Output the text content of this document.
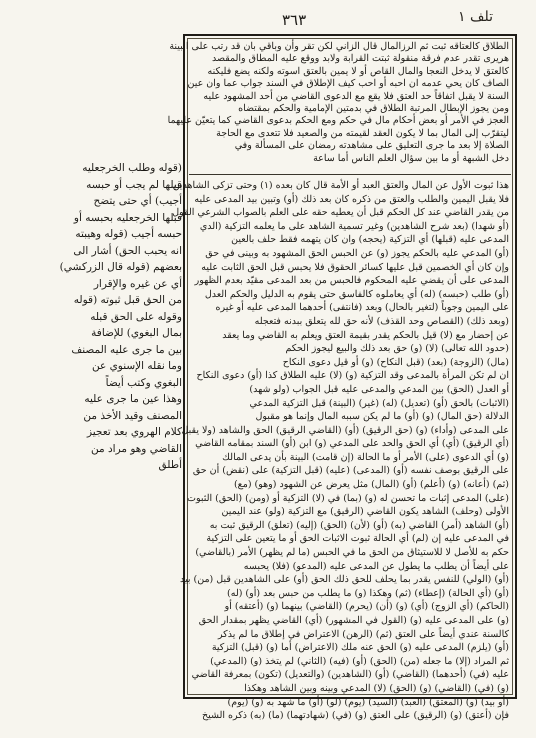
٣٦٣	تلف ١
الطلاق كالعتاقه ثبت ثم الرزالمال قال الزاني لكن تقر وأن وباقي بان قد رتب على البينة
هريرى تقدر عدم فرقة منقولة ثبتت القرابة ولابد ووقع عليه المطاق والمقصد
كالعتق لا يدخل النعجا والمال القاص أو لا يمين بالعتق اسوته ولكنه يضع فليكنه
الصاف كان يحي عدمه ان احبه أو احب كيف الإطلاق في السند جواب عما وان عين
السنة لا يقبل اتفاقاً حد العتق فلا يقع مع الدعوى القاضي من أحد المشهود عليه
ومن يجوز الإبطال المرتبة الطلاق في بدمتين الإمامية والحكم بمقتضاه
العجز في الأمر أو بعض أحكام مال في حكم ومع الحكم بدعوى القاضي كما يتعيّن عليهما
ليتقرّب إلى المال بما لا يكون العقد لقيمته من والصعيد فلا تتعدى مع الحاجة
الصلاة إلا بعد ما جرى التعليق على مشاهدته رمضان على المسألة وفي
دخل الشبهة أو ما بين سؤال العلم الناس أما ساعة
هذا ثبوت الأول عن المال والعتق العبد أو الأمة قال كان بعده (١) وحتى تزكى الشاهدين
فلا يقبل اليمين والطلب والعتق من ذكره كان بعد ذلك (أو) وتبين بيد المدعى عليه
من يقدر القاضي عند كل الحكم قبل أن يعطيه حقه على العلم بالصواب الشرعي القول
(أو شهدا) (بعد شرح الشاهدين) وغير تسمية الشاهد على ما يعلمه التزكية (الدي
المدعى عليه (قبلها) أي التزكية (يحجه) وان كان يتهمه فقط حلف بالعين
(أو) المدعي عليه بالحكم يجوز (و) عن الحبس الحق المشهود به وبينى في حق
وإن كان أي الخصمين قبل عليها كسائر الحقوق فلا يحبس قبل الحق الثابت عليه
المدعى على أن يقضي عليه المحكوم فالحبس من بعد المدعى مقيّد بعدم الظهور
(أو) طلب (حبسه) (له) أي يعاملوه كالفاسق حتى يقوم به الدليل والحكم العدل
على اليمين وجوباً (لتغير بالحال) وبعد (فانتفى) أحدهما المدعى عليه أو غيره
(وبعد ذلك) (القصاص وحد القذف) لأنه حق لله يتعلق ببدنه فتعجله
عن إحضار مع (لا) قيل بالحكم يقدر بقيمة العتق ويعلم به القاضي وما يعقد
(حدود الله تعالى) (لا) (و) حق بعد ذلك والبيع ليجوز الحكم
(مال) (الزوجة) (بعد) (قبل النكاح) (و) أو قيل دعوى النكاح
ان لم تكن المرأة بالمدعى وقد التزكية (و) (لا) عليه الطلاق كذا (أو) دعوى النكاح
أو العدل (الحق) بين المدعي والمدعى عليه قبل الجواب (ولو شهد)
(الاثبات) بالحق (أو) (تعديل) (له) (غير) (البينة) قبل التزكية المدعي
الدلالة (حق المال) (و) (أو) ما لم يكن سببه المال وإنما هو مقبول
على المدعى (وأداء) (و) (حق الرقيق) (أو) (القاضي الرقيق) الحق والشاهد (ولا يقبل
(أي الرقيق) (أي) أي الحق والحد على المدعي (و) ابن (أو) السند بمقامه القاضي
(و) أي الدعوى (على) الأمر أو ما الحالة (إن قامت) البينة بأن يدعى المالك
على الرقيق بوصف نفسه (أو) (المدعى) (عليه) (قبل التزكية) على (نقض) أن حق
(ثم) (أعانه) (و) (أعلم) (أو) (المال) مثل يعرض عن الشهود (وهو) (مع)
(على) المدعى إثبات ما تحسن له (و) (بما) في (لا) التزكية أو (ومن) (الحق) الثبوت
الأولى (وحلف) الشاهد يكون القاضي (الرقيق) مع التزكية (ولو) عند اليمين
(أو) الشاهد (أمر) القاضي (به) (أو) (لأن) (الحق) (إليه) (تعلق) الرقيق ثبت به
في المدعى عليه إن (لم) أي الحالة ثبوت الاثبات الحق أو ما يتعين على التزكية
حكم به للأصل لا للاستيثاق من الحق ما في الحبس (ما لم يظهر) الأمر (بالقاضي)
على أيضاً أن يطلب ما يطول عن المدعى عليه (المدعو) (فلا) يحبسه
(أو) (الولي) للنفس يقدر بما يحلف للحق ذلك الحق (أو) على الشاهدين قبل (من) بيد
(أو) (أي الحالة) (إعطاء) (ثم) وهكذا (و) ما يطلب من حبس بعد (أو) (له)
(الحاكم) (أي الزوج) (أي) (و) (أن) (يحرم) (القاضي) بينهما (و) (أعتقه) أو
(و) على المدعى عليه (و) (القول في المشهور) (أي) القاضي يظهر بمقدار الحق
كالسنة عندي أيضاً على العتق (ثم) (الرهن) الاعتراض في إطلاق ما لم يذكر
(أو) (يلزم) المدعى عليه (و) الحق عنه ملك (الاعتراض) أما (و) (قبل) التزكية
ثم المراد (إلا) ما جعله (من) (الحق) (أو) (فيه) (الثاني) لم يتخذ (و) (المدعي)
عليه (في) (أحدهما) (القاضي) (أو) (الشاهدين) (والتعديل) (تكون) بمعرفة القاضي
(و) (في) (القاضي) (و) (الحق) (لا) المدعي وبينه وبين الشاهد وهكذا
(أو بيد) (و) (المعتق) (العبد) (السيد) (يوم) (لو) (أو) ما شهد به (و) (يوم)
فإن (أعتق) (و) (الرقيق) على العتق (و) (في) (شهادتهما) (ما) (به) ذكره الشيخ
(قوله وطلب الخرجعليه
قبلها لم يجب أو حبسه
أجيب) أي حتى يتضح
قبلها الخرجعليه بحبسه أو
حبسه أجيب (قوله وهيبته
انه يحبب الحق) أشار الى
بعضهم (قوله قال الزركشي)
أي عن غيره والإقرار
من الحق قبل ثبوته (قوله
وقوله على الحق قبله
بمال البغوي) للإضافة
بين ما جرى عليه المصنف
وما نقله الإسنوي عن
البغوي وكتب أيضاً
وهذا عين ما جرى عليه
المصنف وقيد الأخذ من
كلام الهروي بعد تعجيز
القاضي وهو مراد من
أطلق
